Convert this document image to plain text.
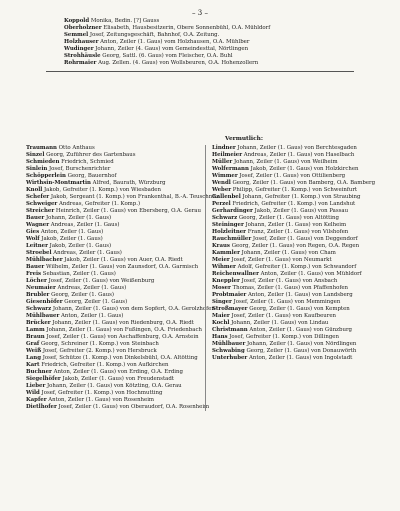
– 3 –
Koppold Monika, Bedin. [?] Gauss
Oberholzner Elisabeth, Hausbesitzerin, Obere Sonnenbühl, O.A. Mühldorf
Semmel Josef, Zeitungsgeschäft, Bahnhof, O.A. Zeitung.
Holzhauser Anton, Zeiler (1. Gaus) vom Holzhausen, O.A. Mühlber
Wudinger Johann, Zeiler (4. Gaus) vom Gemeindesttal, Nörtlingen
Strohhäusle Georg, Sattl. (6. Gaus) vom Fleischer, O.A. Buhl
Rohrmaier Aug. Zellen. (4. Gaus) von Wollsbeuren, O.A. Hohenzollern
Vermutlich:
Traumann Otto Anthaus
Sinzel Georg, Zuführer des Gartenbaus
Schmieden Friedrich, Schmied
Sinlein Josef, Burschenrichter
Schöpperlein Georg, Bauernhof
Wirthsin-Montmartin Alfred, Baurath, Würzburg
Knoll Jakob, Gefreiter (1. Komp.) von Wiesbaden
Schefer Jakob, Sergeant (1. Komp.) von Frankenthal, B.-A. Teuschnitz
Schweiger Andreas, Gefreiter (1. Komp.)
Streicher Heinrich, Zeiler (1. Gaus) von Ebersberg, O.A. Gerau
Bauer Johann, Zeiler (1. Gaus)
Wagner Andreas, Zeiler (1. Gaus)
Gies Anton, Zeiler (1. Gaus)
Wolf Jakob, Zeiler (1. Gaus)
Leitner Jakob, Zeiler (1. Gaus)
Stroebel Andreas, Zeiler (1. Gaus)
Mühlbacher Jakob, Zeiler (1. Gaus) von Auer, O.A. Riedt
Bauer Wilhelm, Zeiler (1. Gaus) von Zaunsdorf, O.A. Garmisch
Freis Sebastian, Zeiler (1. Gaus)
Löcher Josef, Zeiler (1. Gaus) von Weißenburg
Neumaier Andreas, Zeiler (1. Gaus)
Brubler Georg, Zeiler (1. Gaus)
Giesenhöfer Georg, Zeiler (1. Gaus)
Schwarz Johann, Zeiler (1. Gaus) von dem Sopfert, O.A. Gerolzhofen
Mühlbauer Anton, Zeiler (1. Gaus)
Brücker Johann, Zeiler (1. Gaus) von Riedenburg, O.A. Riedt
Lamm Johann, Zeiler (1. Gaus) von Fußingen, O.A. Friedenbach
Braun Josef, Zeiler (1. Gaus) von Aschaffenburg, O.A. Arnstein
Graf Georg, Schreiner (1. Komp.) von Steinbach
Weiß Josef, Gefreiter (2. Komp.) von Hersbruck
Lang Josef, Schütze (1. Komp.) von Dinkelsbühl, O.A. Altötting
Kart Friedrich, Gefreiter (1. Komp.) von Aufkirchen
Buchner Anton, Zeiler (1. Gaus) von Erding, O.A. Erding
Siegelhöfer Jakob, Zeiler (1. Gaus) von Freudenstadt
Lieber Johann, Zeiler (1. Gaus) von Kötzting, O.A. Gerau
Wild Josef, Gefreiter (1. Komp.) von Hochmutting
Kapfer Anton, Zeiler (1. Gaus) von Rosenheim
Dietlhofer Josef, Zeiler (1. Gaus) von Oberaudorf, O.A. Rosenheim
Lindner Johann, Zeiler (1. Gaus) von Berchtesgaden
Heilmeier Andreas, Zeiler (1. Gaus) von Haselbach
Müller Johann, Zeiler (1. Gaus) von Weilheim
Wolfermann Jakob, Zeiler (1. Gaus) von Holzkirchen
Wimmer Josef, Zeiler (1. Gaus) von Ottilienberg
Wendl Georg, Zeiler (1. Gaus) von Bamberg, O.A. Bamberg
Weber Philipp, Gefreiter (1. Komp.) von Schweinfurt
Gallenbel Johann, Gefreiter (1. Komp.) von Straubing
Perzel Friedrich, Gefreiter (1. Komp.) von Landshut
Gerhardinger Jakob, Zeiler (1. Gaus) von Passau
Schwarz Georg, Zeiler (1. Gaus) von Altötting
Steininger Johann, Zeiler (1. Gaus) von Kelheim
Holzleitner Franz, Zeiler (1. Gaus) von Vilshofen
Rauchmüller Josef, Zeiler (1. Gaus) von Deggendorf
Kraus Georg, Zeiler (1. Gaus) von Regen, O.A. Regen
Kammler Johann, Zeiler (1. Gaus) von Cham
Meier Josef, Zeiler (1. Gaus) von Neumarkt
Wihmer Adolf, Gefreiter (1. Komp.) von Schwandorf
Reichenwallner Anton, Zeiler (1. Gaus) von Mühldorf
Kneppler Josef, Zeiler (1. Gaus) von Ansbach
Moser Thomas, Zeiler (1. Gaus) von Pfaffenhofen
Probtmaier Anton, Zeiler (1. Gaus) von Landsberg
Singer Josef, Zeiler (1. Gaus) von Memmingen
Stroßmayer Georg, Zeiler (1. Gaus) von Kempten
Maier Josef, Zeiler (1. Gaus) von Kaufbeuren
Kochl Johann, Zeiler (1. Gaus) von Lindau
Christmann Anton, Zeiler (1. Gaus) von Günzburg
Hans Josef, Gefreiter (1. Komp.) von Dillingen
Mühlbauer Johann, Zeiler (1. Gaus) von Nördlingen
Schwabing Georg, Zeiler (1. Gaus) von Donauwörth
Unterhuber Anton, Zeiler (1. Gaus) von Ingolstadt
